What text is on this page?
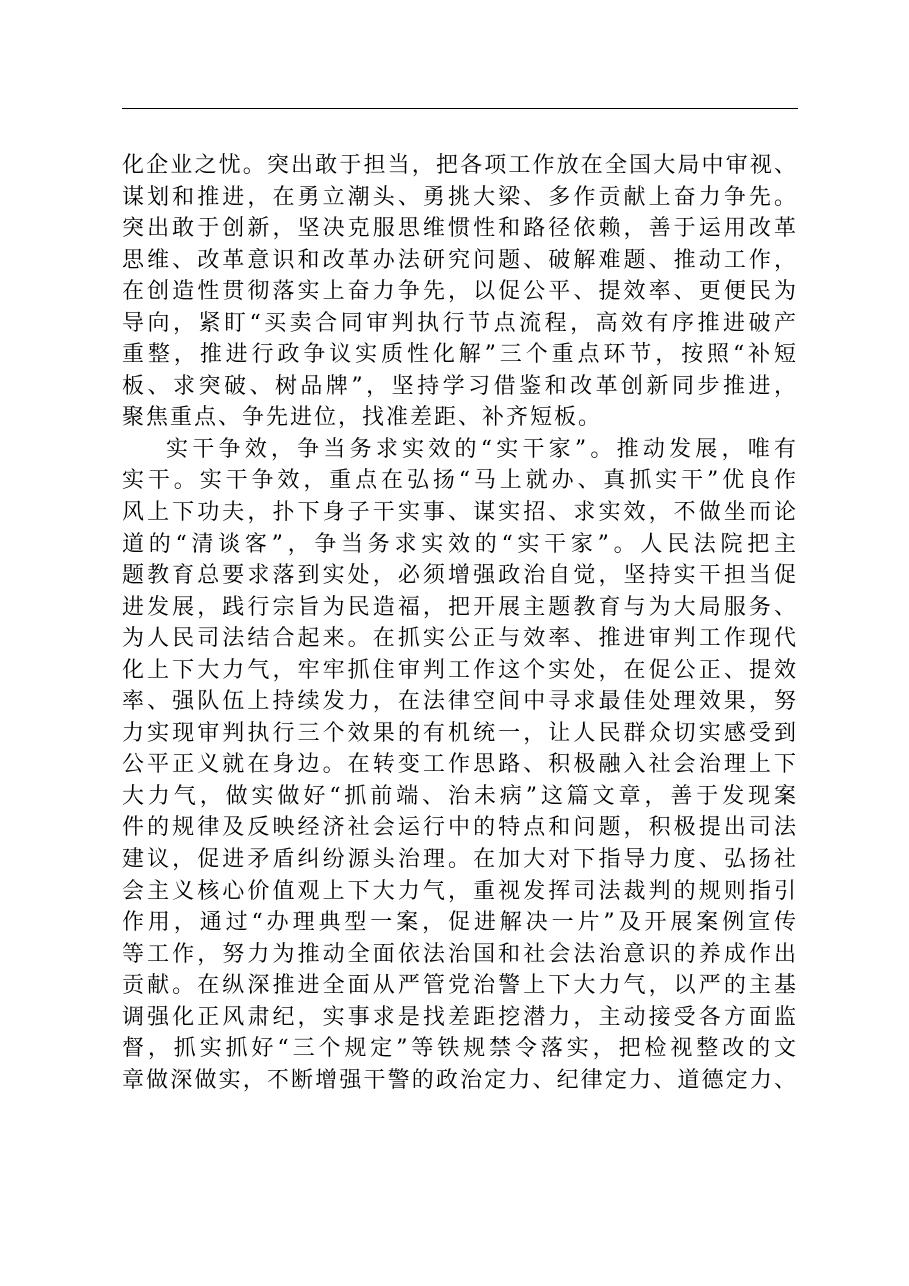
化企业之忧。突出敢于担当，把各项工作放在全国大局中审视、
谋划和推进，在勇立潮头、勇挑大梁、多作贡献上奋力争先。
突出敢于创新，坚决克服思维惯性和路径依赖，善于运用改革
思维、改革意识和改革办法研究问题、破解难题、推动工作，
在创造性贯彻落实上奋力争先，以促公平、提效率、更便民为
导向，紧盯“买卖合同审判执行节点流程，高效有序推进破产
重整，推进行政争议实质性化解”三个重点环节，按照“补短
板、求突破、树品牌”，坚持学习借鉴和改革创新同步推进，
聚焦重点、争先进位，找准差距、补齐短板。
实干争效，争当务求实效的“实干家”。推动发展，唯有
实干。实干争效，重点在弘扬“马上就办、真抓实干”优良作
风上下功夫，扑下身子干实事、谋实招、求实效，不做坐而论
道的“清谈客”，争当务求实效的“实干家”。人民法院把主
题教育总要求落到实处，必须增强政治自觉，坚持实干担当促
进发展，践行宗旨为民造福，把开展主题教育与为大局服务、
为人民司法结合起来。在抓实公正与效率、推进审判工作现代
化上下大力气，牢牢抓住审判工作这个实处，在促公正、提效
率、强队伍上持续发力，在法律空间中寻求最佳处理效果，努
力实现审判执行三个效果的有机统一，让人民群众切实感受到
公平正义就在身边。在转变工作思路、积极融入社会治理上下
大力气，做实做好“抓前端、治未病”这篇文章，善于发现案
件的规律及反映经济社会运行中的特点和问题，积极提出司法
建议，促进矛盾纠纷源头治理。在加大对下指导力度、弘扬社
会主义核心价值观上下大力气，重视发挥司法裁判的规则指引
作用，通过“办理典型一案，促进解决一片”及开展案例宣传
等工作，努力为推动全面依法治国和社会法治意识的养成作出
贡献。在纵深推进全面从严管党治警上下大力气，以严的主基
调强化正风肃纪，实事求是找差距挖潜力，主动接受各方面监
督，抓实抓好“三个规定”等铁规禁令落实，把检视整改的文
章做深做实，不断增强干警的政治定力、纪律定力、道德定力、
